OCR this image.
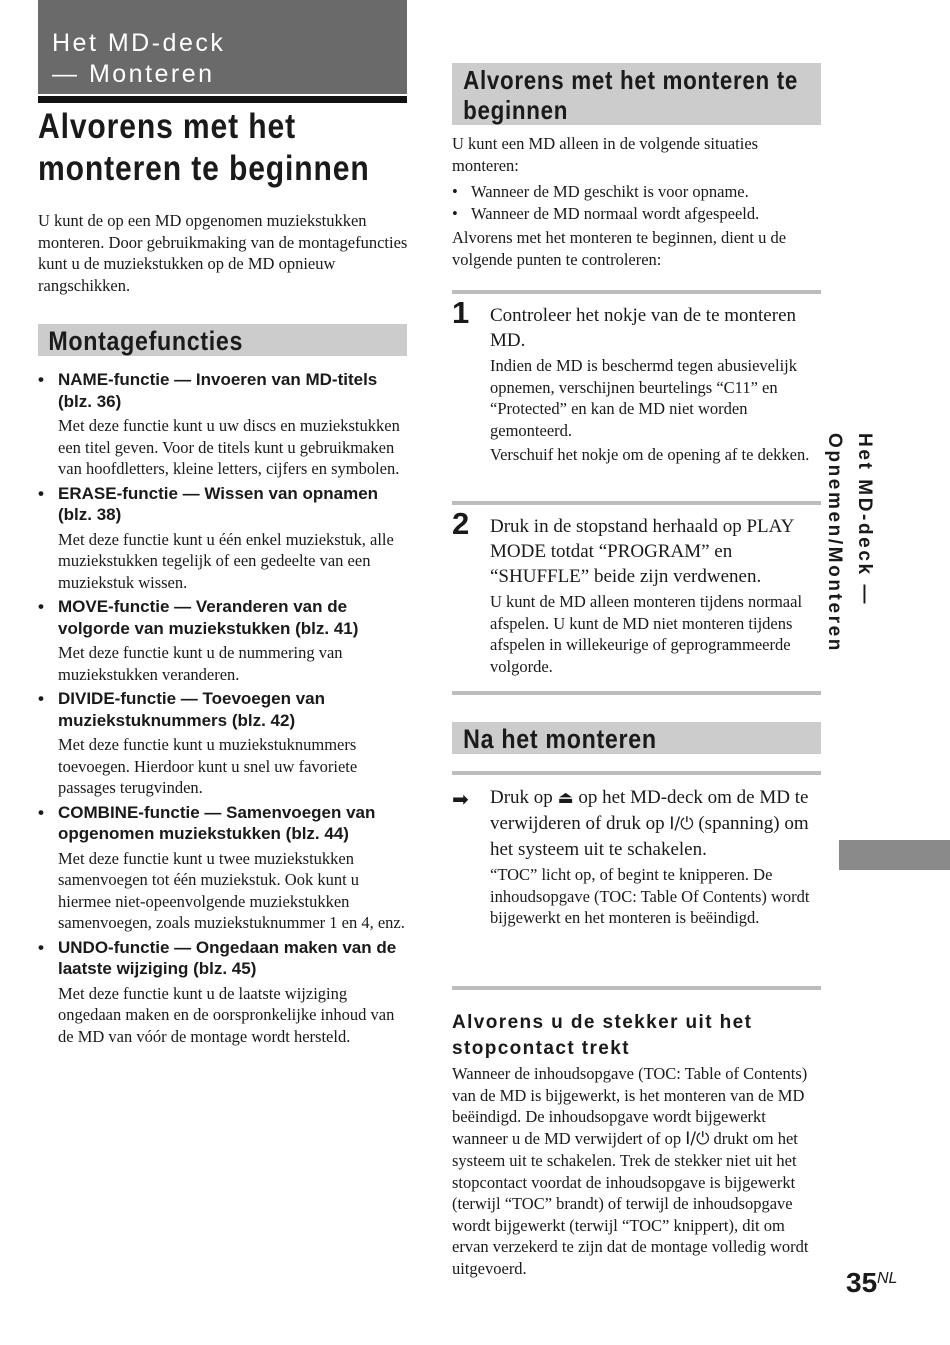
Het MD-deck
— Monteren
Alvorens met het
monteren te beginnen
U kunt de op een MD opgenomen muziekstukken monteren. Door gebruikmaking van de montagefuncties kunt u de muziekstukken op de MD opnieuw rangschikken.
Montagefuncties
• NAME-functie — Invoeren van MD-titels (blz. 36)
Met deze functie kunt u uw discs en muziekstukken een titel geven. Voor de titels kunt u gebruikmaken van hoofdletters, kleine letters, cijfers en symbolen.
• ERASE-functie — Wissen van opnamen (blz. 38)
Met deze functie kunt u één enkel muziekstuk, alle muziekstukken tegelijk of een gedeelte van een muziekstuk wissen.
• MOVE-functie — Veranderen van de volgorde van muziekstukken (blz. 41)
Met deze functie kunt u de nummering van muziekstukken veranderen.
• DIVIDE-functie — Toevoegen van muziekstuknummers (blz. 42)
Met deze functie kunt u muziekstuknummers toevoegen. Hierdoor kunt u snel uw favoriete passages terugvinden.
• COMBINE-functie — Samenvoegen van opgenomen muziekstukken (blz. 44)
Met deze functie kunt u twee muziekstukken samenvoegen tot één muziekstuk. Ook kunt u hiermee niet-opeenvolgende muziekstukken samenvoegen, zoals muziekstuknummer 1 en 4, enz.
• UNDO-functie — Ongedaan maken van de laatste wijziging (blz. 45)
Met deze functie kunt u de laatste wijziging ongedaan maken en de oorspronkelijke inhoud van de MD van vóór de montage wordt hersteld.
Alvorens met het monteren te beginnen

U kunt een MD alleen in de volgende situaties monteren:

• Wanneer de MD geschikt is voor opname.
• Wanneer de MD normaal wordt afgespeeld.

Alvorens met het monteren te beginnen, dient u de volgende punten te controleren:

1 Controleer het nokje van de te monteren MD.
Indien de MD is beschermd tegen abusievelijk opnemen, verschijnen beurtelings “C11” en “Protected” en kan de MD niet worden gemonteerd.
Verschuif het nokje om de opening af te dekken.
2 Druk in de stopstand herhaald op PLAY MODE totdat “PROGRAM” en “SHUFFLE” beide zijn verdwenen.
U kunt de MD alleen monteren tijdens normaal afspelen. U kunt de MD niet monteren tijdens afspelen in willekeurige of geprogrammeerde volgorde.
Na het monteren
➡ Druk op ⏏ op het MD-deck om de MD te verwijderen of druk op I/⏻ (spanning) om het systeem uit te schakelen.
“TOC” licht op, of begint te knipperen. De inhoudsopgave (TOC: Table Of Contents) wordt bijgewerkt en het monteren is beëindigd.
Alvorens u de stekker uit het stopcontact trekt
Wanneer de inhoudsopgave (TOC: Table of Contents) van de MD is bijgewerkt, is het monteren van de MD beëindigd. De inhoudsopgave wordt bijgewerkt wanneer u de MD verwijdert of op I/⏻ drukt om het systeem uit te schakelen. Trek de stekker niet uit het stopcontact voordat de inhoudsopgave is bijgewerkt (terwijl “TOC” brandt) of terwijl de inhoudsopgave wordt bijgewerkt (terwijl “TOC” knippert), dit om ervan verzekerd te zijn dat de montage volledig wordt uitgevoerd.
Het MD-deck — Opnemen/Monteren
35 NL
